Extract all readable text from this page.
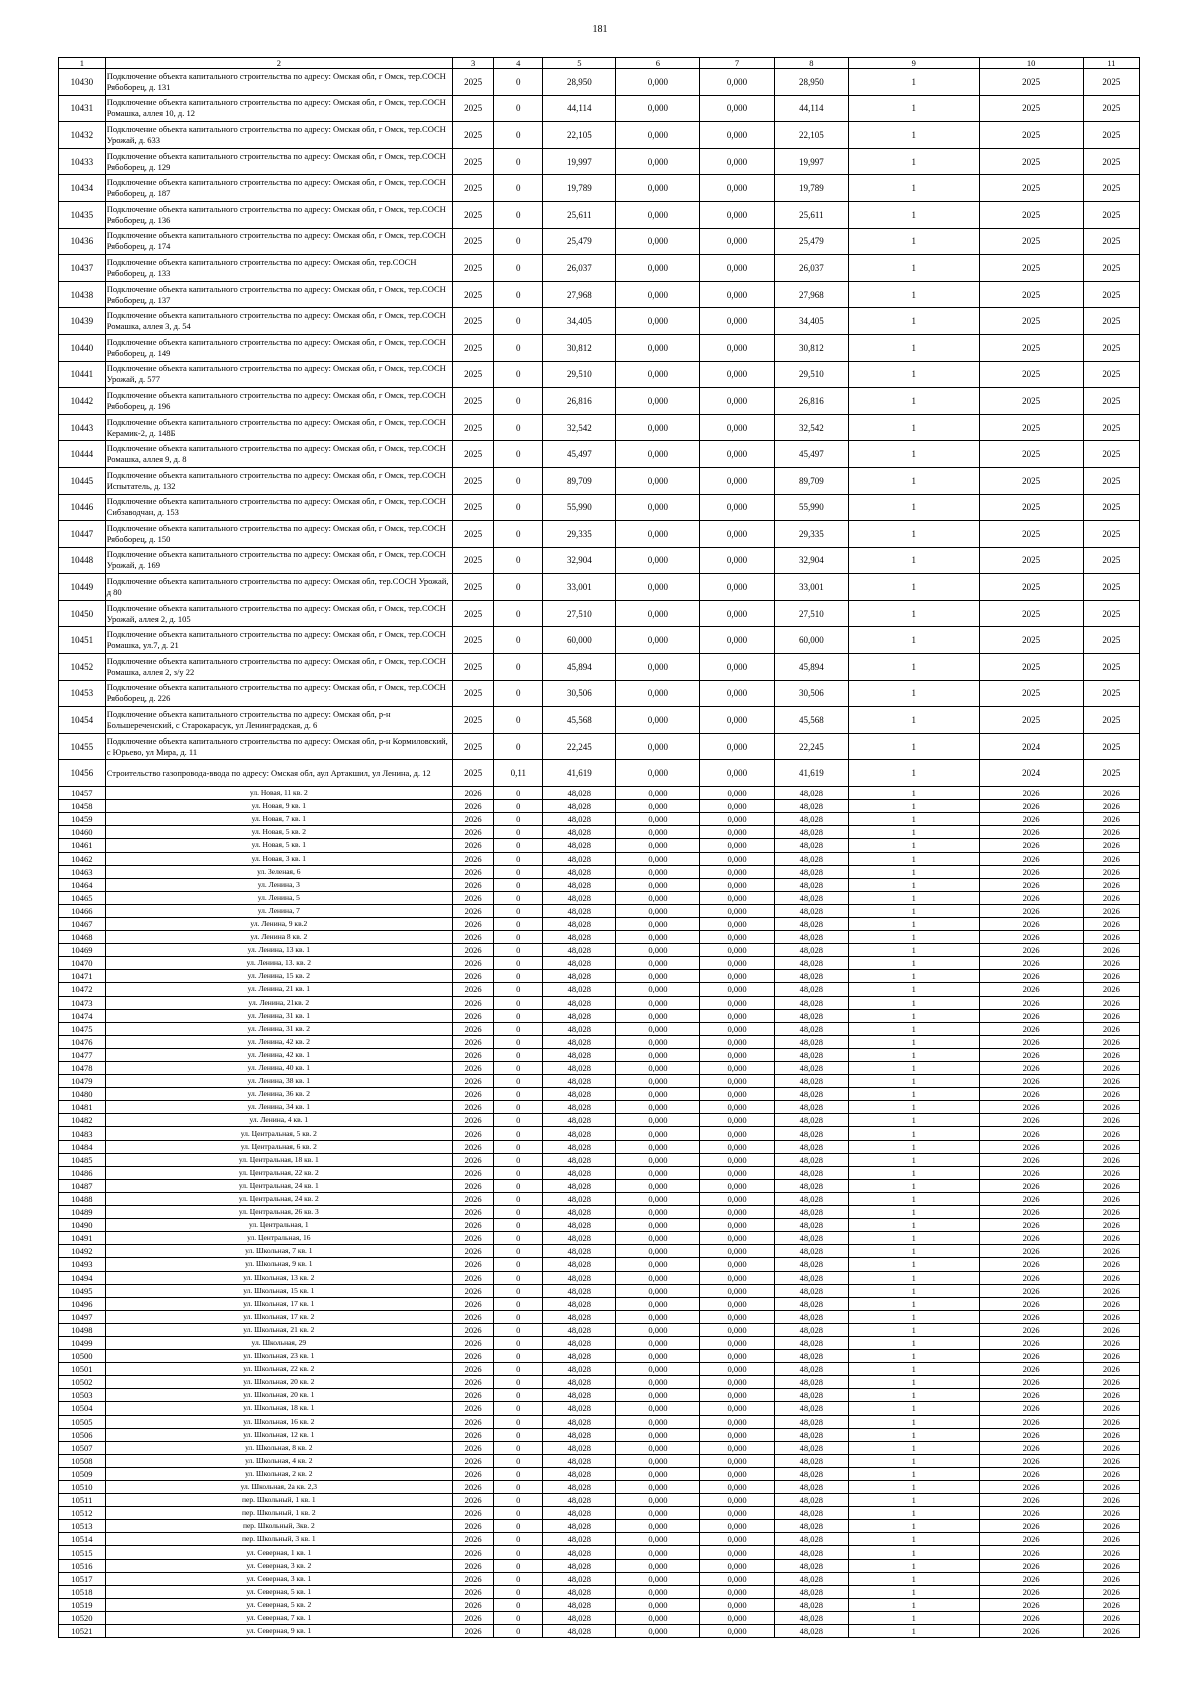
181
1	2	3	4	5	6	7	8	9	10	11
10430	Подключение объекта капитального строительства по адресу: Омская обл, г Омск, тер.СОСН Рябоборец, д. 131	2025	0	28,950	0,000	0,000	28,950	1	2025	2025
10431	Подключение объекта капитального строительства по адресу: Омская обл, г Омск, тер.СОСН Ромашка, аллея 10, д. 12	2025	0	44,114	0,000	0,000	44,114	1	2025	2025
10432	Подключение объекта капитального строительства по адресу: Омская обл, г Омск, тер.СОСН Урожай, д. 633	2025	0	22,105	0,000	0,000	22,105	1	2025	2025
10433	Подключение объекта капитального строительства по адресу: Омская обл, г Омск, тер.СОСН Рябоборец, д. 129	2025	0	19,997	0,000	0,000	19,997	1	2025	2025
10434	Подключение объекта капитального строительства по адресу: Омская обл, г Омск, тер.СОСН Рябоборец, д. 187	2025	0	19,789	0,000	0,000	19,789	1	2025	2025
10435	Подключение объекта капитального строительства по адресу: Омская обл, г Омск, тер.СОСН Рябоборец, д. 136	2025	0	25,611	0,000	0,000	25,611	1	2025	2025
10436	Подключение объекта капитального строительства по адресу: Омская обл, г Омск, тер.СОСН Рябоборец, д. 174	2025	0	25,479	0,000	0,000	25,479	1	2025	2025
10437	Подключение объекта капитального строительства по адресу: Омская обл, тер.СОСН Рябоборец, д. 133	2025	0	26,037	0,000	0,000	26,037	1	2025	2025
10438	Подключение объекта капитального строительства по адресу: Омская обл, г Омск, тер.СОСН Рябоборец, д. 137	2025	0	27,968	0,000	0,000	27,968	1	2025	2025
10439	Подключение объекта капитального строительства по адресу: Омская обл, г Омск, тер.СОСН Ромашка, аллея 3, д. 54	2025	0	34,405	0,000	0,000	34,405	1	2025	2025
10440	Подключение объекта капитального строительства по адресу: Омская обл, г Омск, тер.СОСН Рябоборец, д. 149	2025	0	30,812	0,000	0,000	30,812	1	2025	2025
10441	Подключение объекта капитального строительства по адресу: Омская обл, г Омск, тер.СОСН Урожай, д. 577	2025	0	29,510	0,000	0,000	29,510	1	2025	2025
10442	Подключение объекта капитального строительства по адресу: Омская обл, г Омск, тер.СОСН Рябоборец, д. 196	2025	0	26,816	0,000	0,000	26,816	1	2025	2025
10443	Подключение объекта капитального строительства по адресу: Омская обл, г Омск, тер.СОСН Керамик-2, д. 148Б	2025	0	32,542	0,000	0,000	32,542	1	2025	2025
10444	Подключение объекта капитального строительства по адресу: Омская обл, г Омск, тер.СОСН Ромашка, аллея 9, д. 8	2025	0	45,497	0,000	0,000	45,497	1	2025	2025
10445	Подключение объекта капитального строительства по адресу: Омская обл, г Омск, тер.СОСН Испытатель, д. 132	2025	0	89,709	0,000	0,000	89,709	1	2025	2025
10446	Подключение объекта капитального строительства по адресу: Омская обл, г Омск, тер.СОСН Сибзаводчан, д. 153	2025	0	55,990	0,000	0,000	55,990	1	2025	2025
10447	Подключение объекта капитального строительства по адресу: Омская обл, г Омск, тер.СОСН Рябоборец, д. 150	2025	0	29,335	0,000	0,000	29,335	1	2025	2025
10448	Подключение объекта капитального строительства по адресу: Омская обл, г Омск, тер.СОСН Урожай, д. 169	2025	0	32,904	0,000	0,000	32,904	1	2025	2025
10449	Подключение объекта капитального строительства по адресу: Омская обл, тер.СОСН Урожай, д 80	2025	0	33,001	0,000	0,000	33,001	1	2025	2025
10450	Подключение объекта капитального строительства по адресу: Омская обл, г Омск, тер.СОСН Урожай, аллея 2, д. 105	2025	0	27,510	0,000	0,000	27,510	1	2025	2025
10451	Подключение объекта капитального строительства по адресу: Омская обл, г Омск, тер.СОСН Ромашка, ул.7, д. 21	2025	0	60,000	0,000	0,000	60,000	1	2025	2025
10452	Подключение объекта капитального строительства по адресу: Омская обл, г Омск, тер.СОСН Ромашка, аллея 2, з/у 22	2025	0	45,894	0,000	0,000	45,894	1	2025	2025
10453	Подключение объекта капитального строительства по адресу: Омская обл, г Омск, тер.СОСН Рябоборец, д. 226	2025	0	30,506	0,000	0,000	30,506	1	2025	2025
10454	Подключение объекта капитального строительства по адресу: Омская обл, р-н Большереченский, с Старокарасук, ул Ленинградская, д. 6	2025	0	45,568	0,000	0,000	45,568	1	2025	2025
10455	Подключение объекта капитального строительства по адресу: Омская обл, р-н Кормиловский, с Юрьево, ул Мира, д. 11	2025	0	22,245	0,000	0,000	22,245	1	2024	2025
10456	Строительство газопровода-ввода по адресу: Омская обл, аул Артакшил, ул Ленина, д. 12	2025	0,11	41,619	0,000	0,000	41,619	1	2024	2025
10457	ул. Новая, 11 кв. 2	2026	0	48,028	0,000	0,000	48,028	1	2026	2026
10458	ул. Новая, 9 кв. 1	2026	0	48,028	0,000	0,000	48,028	1	2026	2026
10459	ул. Новая, 7 кв. 1	2026	0	48,028	0,000	0,000	48,028	1	2026	2026
10460	ул. Новая, 5 кв. 2	2026	0	48,028	0,000	0,000	48,028	1	2026	2026
10461	ул. Новая, 5 кв. 1	2026	0	48,028	0,000	0,000	48,028	1	2026	2026
10462	ул. Новая, 3 кв. 1	2026	0	48,028	0,000	0,000	48,028	1	2026	2026
10463	ул. Зеленая, 6	2026	0	48,028	0,000	0,000	48,028	1	2026	2026
10464	ул. Ленина, 3	2026	0	48,028	0,000	0,000	48,028	1	2026	2026
10465	ул. Ленина, 5	2026	0	48,028	0,000	0,000	48,028	1	2026	2026
10466	ул. Ленина, 7	2026	0	48,028	0,000	0,000	48,028	1	2026	2026
10467	ул. Ленина, 9 кв.2	2026	0	48,028	0,000	0,000	48,028	1	2026	2026
10468	ул. Ленина 8 кв. 2	2026	0	48,028	0,000	0,000	48,028	1	2026	2026
10469	ул. Ленина, 13 кв. 1	2026	0	48,028	0,000	0,000	48,028	1	2026	2026
10470	ул. Ленина, 13. кв. 2	2026	0	48,028	0,000	0,000	48,028	1	2026	2026
10471	ул. Ленина, 15 кв. 2	2026	0	48,028	0,000	0,000	48,028	1	2026	2026
10472	ул. Ленина, 21 кв. 1	2026	0	48,028	0,000	0,000	48,028	1	2026	2026
10473	ул. Ленина, 21кв. 2	2026	0	48,028	0,000	0,000	48,028	1	2026	2026
10474	ул. Ленина, 31 кв. 1	2026	0	48,028	0,000	0,000	48,028	1	2026	2026
10475	ул. Ленина, 31 кв. 2	2026	0	48,028	0,000	0,000	48,028	1	2026	2026
10476	ул. Ленина, 42 кв. 2	2026	0	48,028	0,000	0,000	48,028	1	2026	2026
10477	ул. Ленина, 42 кв. 1	2026	0	48,028	0,000	0,000	48,028	1	2026	2026
10478	ул. Ленина, 40 кв. 1	2026	0	48,028	0,000	0,000	48,028	1	2026	2026
10479	ул. Ленина, 38 кв. 1	2026	0	48,028	0,000	0,000	48,028	1	2026	2026
10480	ул. Ленина, 36 кв. 2	2026	0	48,028	0,000	0,000	48,028	1	2026	2026
10481	ул. Ленина, 34 кв. 1	2026	0	48,028	0,000	0,000	48,028	1	2026	2026
10482	ул. Ленина, 4 кв. 1	2026	0	48,028	0,000	0,000	48,028	1	2026	2026
10483	ул. Центральная, 5 кв. 2	2026	0	48,028	0,000	0,000	48,028	1	2026	2026
10484	ул. Центральная, 6 кв. 2	2026	0	48,028	0,000	0,000	48,028	1	2026	2026
10485	ул. Центральная, 18 кв. 1	2026	0	48,028	0,000	0,000	48,028	1	2026	2026
10486	ул. Центральная, 22 кв. 2	2026	0	48,028	0,000	0,000	48,028	1	2026	2026
10487	ул. Центральная, 24 кв. 1	2026	0	48,028	0,000	0,000	48,028	1	2026	2026
10488	ул. Центральная, 24 кв. 2	2026	0	48,028	0,000	0,000	48,028	1	2026	2026
10489	ул. Центральная, 26 кв. 3	2026	0	48,028	0,000	0,000	48,028	1	2026	2026
10490	ул. Центральная, 1	2026	0	48,028	0,000	0,000	48,028	1	2026	2026
10491	ул. Центральная, 16	2026	0	48,028	0,000	0,000	48,028	1	2026	2026
10492	ул. Школьная, 7 кв. 1	2026	0	48,028	0,000	0,000	48,028	1	2026	2026
10493	ул. Школьная, 9 кв. 1	2026	0	48,028	0,000	0,000	48,028	1	2026	2026
10494	ул. Школьная, 13 кв. 2	2026	0	48,028	0,000	0,000	48,028	1	2026	2026
10495	ул. Школьная, 15 кв. 1	2026	0	48,028	0,000	0,000	48,028	1	2026	2026
10496	ул. Школьная, 17 кв. 1	2026	0	48,028	0,000	0,000	48,028	1	2026	2026
10497	ул. Школьная, 17 кв. 2	2026	0	48,028	0,000	0,000	48,028	1	2026	2026
10498	ул. Школьная, 21 кв. 2	2026	0	48,028	0,000	0,000	48,028	1	2026	2026
10499	ул. Школьная, 29	2026	0	48,028	0,000	0,000	48,028	1	2026	2026
10500	ул. Школьная, 23 кв. 1	2026	0	48,028	0,000	0,000	48,028	1	2026	2026
10501	ул. Школьная, 22 кв. 2	2026	0	48,028	0,000	0,000	48,028	1	2026	2026
10502	ул. Школьная, 20 кв. 2	2026	0	48,028	0,000	0,000	48,028	1	2026	2026
10503	ул. Школьная, 20 кв. 1	2026	0	48,028	0,000	0,000	48,028	1	2026	2026
10504	ул. Школьная, 18 кв. 1	2026	0	48,028	0,000	0,000	48,028	1	2026	2026
10505	ул. Школьная, 16 кв. 2	2026	0	48,028	0,000	0,000	48,028	1	2026	2026
10506	ул. Школьная, 12 кв. 1	2026	0	48,028	0,000	0,000	48,028	1	2026	2026
10507	ул. Школьная, 8 кв. 2	2026	0	48,028	0,000	0,000	48,028	1	2026	2026
10508	ул. Школьная, 4 кв. 2	2026	0	48,028	0,000	0,000	48,028	1	2026	2026
10509	ул. Школьная, 2 кв. 2	2026	0	48,028	0,000	0,000	48,028	1	2026	2026
10510	ул. Школьная, 2а кв. 2,3	2026	0	48,028	0,000	0,000	48,028	1	2026	2026
10511	пер. Школьный, 1 кв. 1	2026	0	48,028	0,000	0,000	48,028	1	2026	2026
10512	пер. Школьный, 1 кв. 2	2026	0	48,028	0,000	0,000	48,028	1	2026	2026
10513	пер. Школьный, 3кв. 2	2026	0	48,028	0,000	0,000	48,028	1	2026	2026
10514	пер. Школьный, 3 кв. 1	2026	0	48,028	0,000	0,000	48,028	1	2026	2026
10515	ул. Северная, 1 кв. 1	2026	0	48,028	0,000	0,000	48,028	1	2026	2026
10516	ул. Северная, 3 кв. 2	2026	0	48,028	0,000	0,000	48,028	1	2026	2026
10517	ул. Северная, 3 кв. 1	2026	0	48,028	0,000	0,000	48,028	1	2026	2026
10518	ул. Северная, 5 кв. 1	2026	0	48,028	0,000	0,000	48,028	1	2026	2026
10519	ул. Северная, 5 кв. 2	2026	0	48,028	0,000	0,000	48,028	1	2026	2026
10520	ул. Северная, 7 кв. 1	2026	0	48,028	0,000	0,000	48,028	1	2026	2026
10521	ул. Северная, 9 кв. 1	2026	0	48,028	0,000	0,000	48,028	1	2026	2026
